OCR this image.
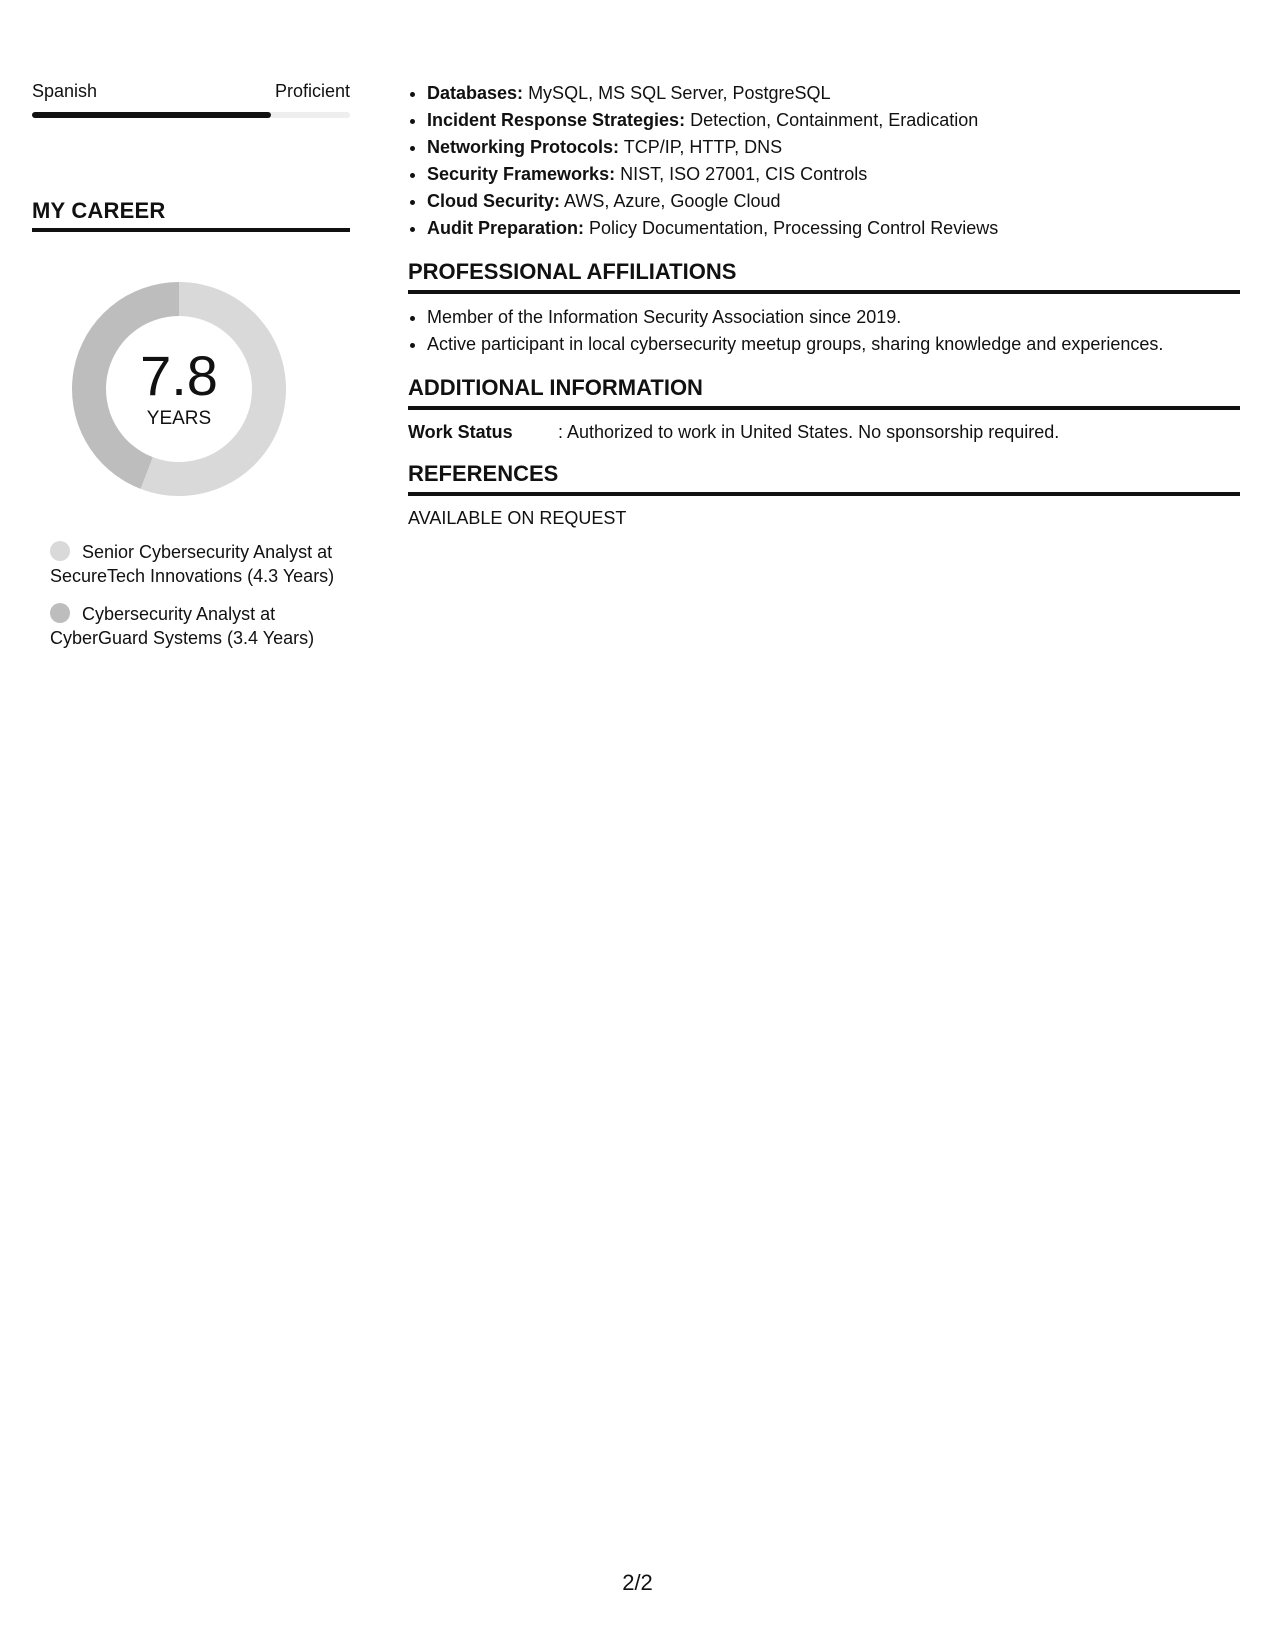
Spanish	Proficient
MY CAREER
7.8
YEARS
Senior Cybersecurity Analyst at SecureTech Innovations (4.3 Years)
Cybersecurity Analyst at CyberGuard Systems (3.4 Years)
• Databases: MySQL, MS SQL Server, PostgreSQL
• Incident Response Strategies: Detection, Containment, Eradication
• Networking Protocols: TCP/IP, HTTP, DNS
• Security Frameworks: NIST, ISO 27001, CIS Controls
• Cloud Security: AWS, Azure, Google Cloud
• Audit Preparation: Policy Documentation, Processing Control Reviews
PROFESSIONAL AFFILIATIONS
• Member of the Information Security Association since 2019.
• Active participant in local cybersecurity meetup groups, sharing knowledge and experiences.
ADDITIONAL INFORMATION
Work Status	: Authorized to work in United States. No sponsorship required.
REFERENCES
AVAILABLE ON REQUEST
2/2
